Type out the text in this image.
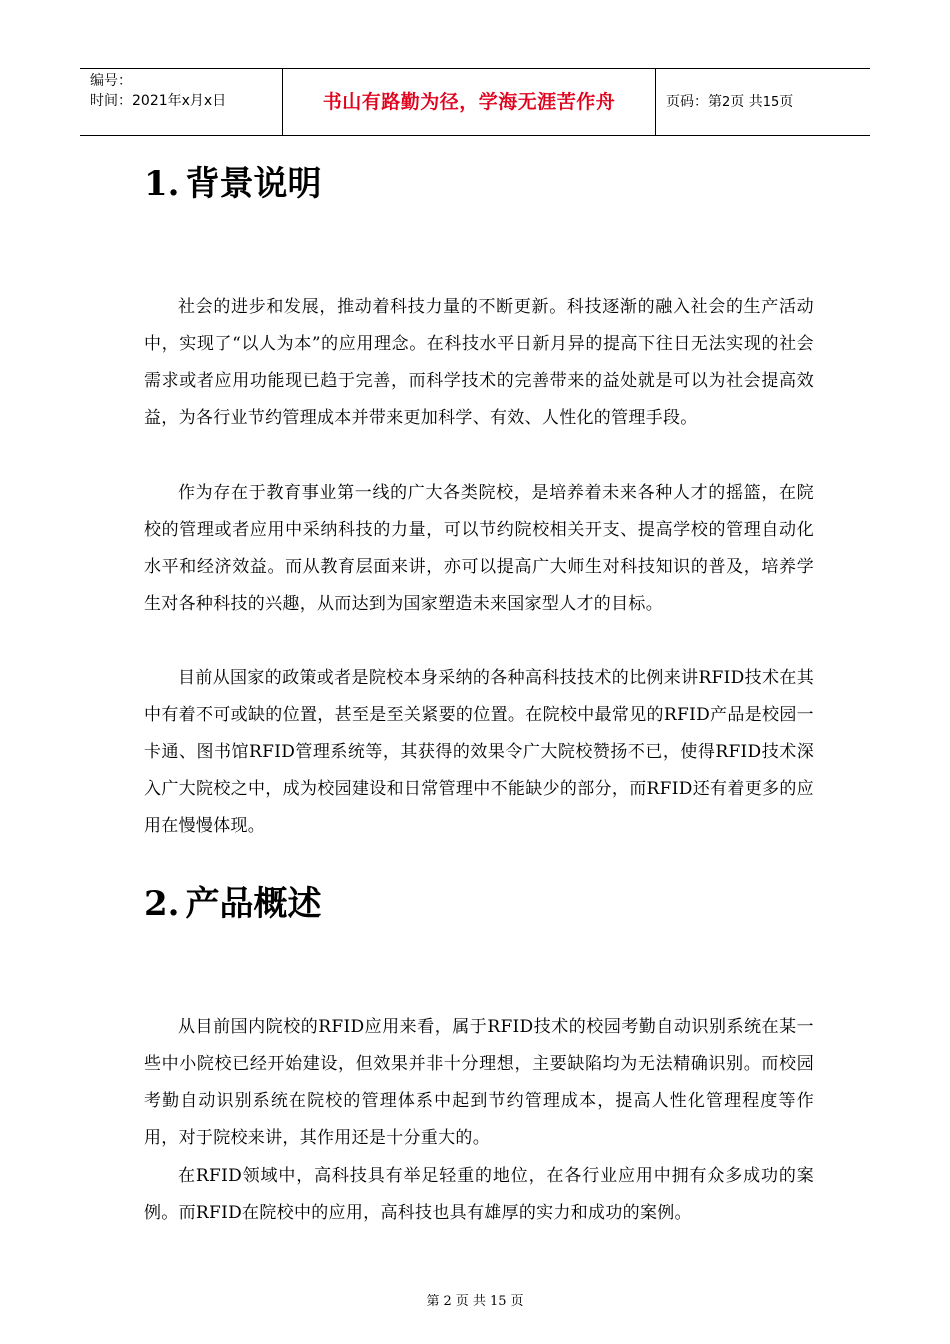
编号：
时间：2021年x月x日	书山有路勤为径，学海无涯苦作舟	页码：第2页 共15页
1. 背景说明
社会的进步和发展，推动着科技力量的不断更新。科技逐渐的融入社会的生产活动中，实现了“以人为本”的应用理念。在科技水平日新月异的提高下往日无法实现的社会需求或者应用功能现已趋于完善，而科学技术的完善带来的益处就是可以为社会提高效益，为各行业节约管理成本并带来更加科学、有效、人性化的管理手段。
作为存在于教育事业第一线的广大各类院校，是培养着未来各种人才的摇篮，在院校的管理或者应用中采纳科技的力量，可以节约院校相关开支、提高学校的管理自动化水平和经济效益。而从教育层面来讲，亦可以提高广大师生对科技知识的普及，培养学生对各种科技的兴趣，从而达到为国家塑造未来国家型人才的目标。
目前从国家的政策或者是院校本身采纳的各种高科技技术的比例来讲RFID技术在其中有着不可或缺的位置，甚至是至关紧要的位置。在院校中最常见的RFID产品是校园一卡通、图书馆RFID管理系统等，其获得的效果令广大院校赞扬不已，使得RFID技术深入广大院校之中，成为校园建设和日常管理中不能缺少的部分，而RFID还有着更多的应用在慢慢体现。
2. 产品概述
从目前国内院校的RFID应用来看，属于RFID技术的校园考勤自动识别系统在某一些中小院校已经开始建设，但效果并非十分理想，主要缺陷均为无法精确识别。而校园考勤自动识别系统在院校的管理体系中起到节约管理成本，提高人性化管理程度等作用，对于院校来讲，其作用还是十分重大的。
在RFID领域中，高科技具有举足轻重的地位，在各行业应用中拥有众多成功的案例。而RFID在院校中的应用，高科技也具有雄厚的实力和成功的案例。
第 2 页 共 15 页
